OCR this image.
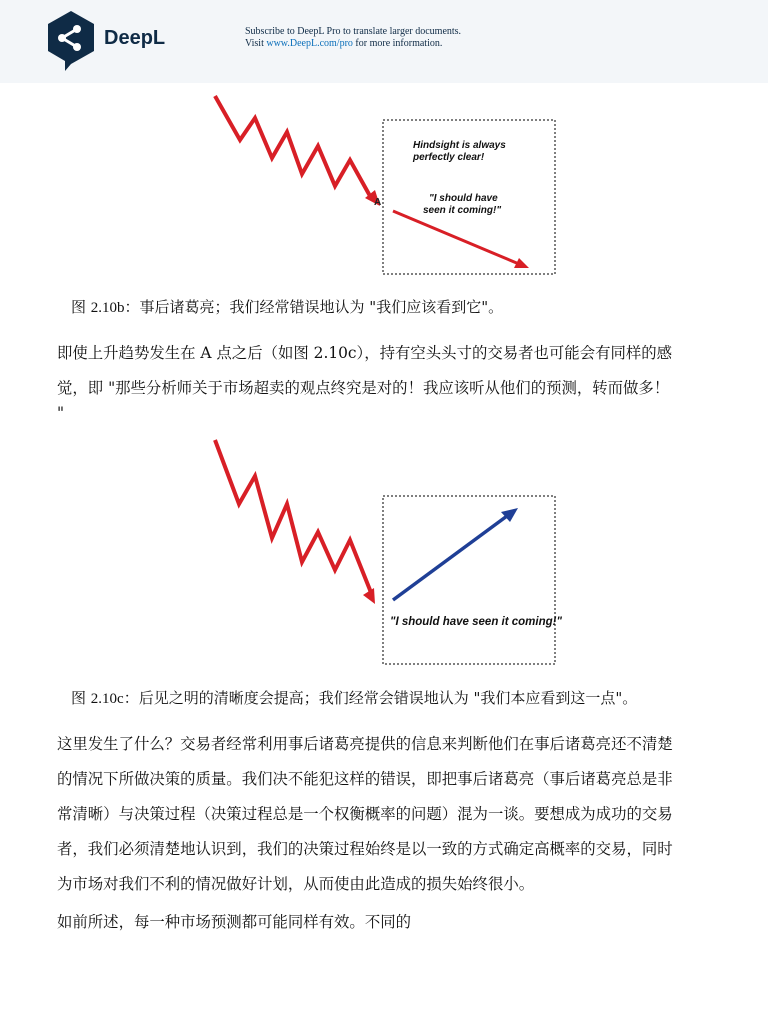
DeepL	Subscribe to DeepL Pro to translate larger documents.
Visit www.DeepL.com/pro for more information.
A
Hindsight is always
perfectly clear!
"I should have
seen it coming!"
图 2.10b：事后诸葛亮；我们经常错误地认为 "我们应该看到它"。
即使上升趋势发生在 A 点之后（如图 2.10c），持有空头头寸的交易者也可能会有同样的感
觉，即 "那些分析师关于市场超卖的观点终究是对的！我应该听从他们的预测，转而做多！
"
"I should have seen it coming!"
图 2.10c：后见之明的清晰度会提高；我们经常会错误地认为 "我们本应看到这一点"。
这里发生了什么？交易者经常利用事后诸葛亮提供的信息来判断他们在事后诸葛亮还不清楚
的情况下所做决策的质量。我们决不能犯这样的错误，即把事后诸葛亮（事后诸葛亮总是非
常清晰）与决策过程（决策过程总是一个权衡概率的问题）混为一谈。要想成为成功的交易
者，我们必须清楚地认识到，我们的决策过程始终是以一致的方式确定高概率的交易，同时
为市场对我们不利的情况做好计划，从而使由此造成的损失始终很小。
如前所述，每一种市场预测都可能同样有效。不同的
